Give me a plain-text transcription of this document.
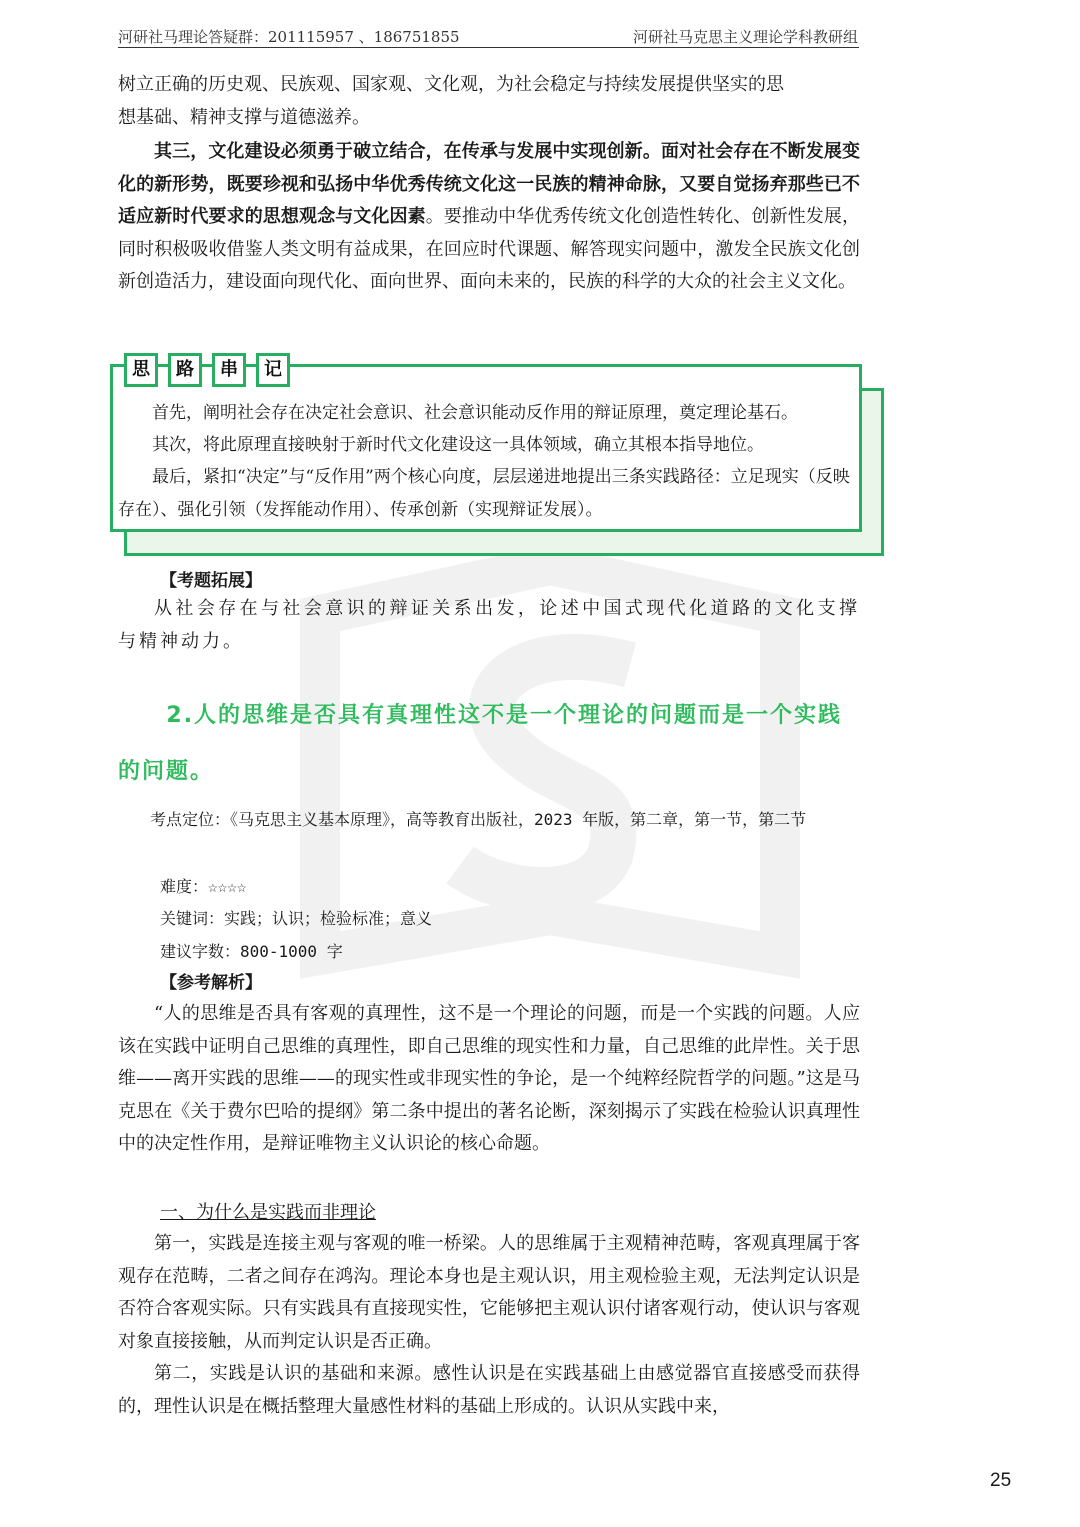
河研社马理论答疑群：201115957 、186751855	河研社马克思主义理论学科教研组

树立正确的历史观、民族观、国家观、文化观，为社会稳定与持续发展提供坚实的思

想基础、精神支撑与道德滋养。

其三，文化建设必须勇于破立结合，在传承与发展中实现创新。面对社会存在不断发展变化的新形势，既要珍视和弘扬中华优秀传统文化这一民族的精神命脉，又要自觉扬弃那些已不适应新时代要求的思想观念与文化因素。要推动中华优秀传统文化创造性转化、创新性发展，同时积极吸收借鉴人类文明有益成果，在回应时代课题、解答现实问题中，激发全民族文化创新创造活力，建设面向现代化、面向世界、面向未来的，民族的科学的大众的社会主义文化。

思	路	串	记

首先，阐明社会存在决定社会意识、社会意识能动反作用的辩证原理，奠定理论基石。

其次，将此原理直接映射于新时代文化建设这一具体领域，确立其根本指导地位。

最后，紧扣“决定”与“反作用”两个核心向度，层层递进地提出三条实践路径：立足现实（反映存在）、强化引领（发挥能动作用）、传承创新（实现辩证发展）。

【考题拓展】

从社会存在与社会意识的辩证关系出发，论述中国式现代化道路的文化支撑与精神动力。

2.人的思维是否具有真理性这不是一个理论的问题而是一个实践的问题。

考点定位：《马克思主义基本原理》，高等教育出版社，2023 年版，第二章，第一节，第二节

难度：☆☆☆☆
关键词：实践；认识；检验标准；意义
建议字数：800-1000 字
【参考解析】

“人的思维是否具有客观的真理性，这不是一个理论的问题，而是一个实践的问题。人应该在实践中证明自己思维的真理性，即自己思维的现实性和力量，自己思维的此岸性。关于思维——离开实践的思维——的现实性或非现实性的争论，是一个纯粹经院哲学的问题。”这是马克思在《关于费尔巴哈的提纲》第二条中提出的著名论断，深刻揭示了实践在检验认识真理性中的决定性作用，是辩证唯物主义认识论的核心命题。

一、为什么是实践而非理论

第一，实践是连接主观与客观的唯一桥梁。人的思维属于主观精神范畴，客观真理属于客观存在范畴，二者之间存在鸿沟。理论本身也是主观认识，用主观检验主观，无法判定认识是否符合客观实际。只有实践具有直接现实性，它能够把主观认识付诸客观行动，使认识与客观对象直接接触，从而判定认识是否正确。

第二，实践是认识的基础和来源。感性认识是在实践基础上由感觉器官直接感受而获得的，理性认识是在概括整理大量感性材料的基础上形成的。认识从实践中来，

25
